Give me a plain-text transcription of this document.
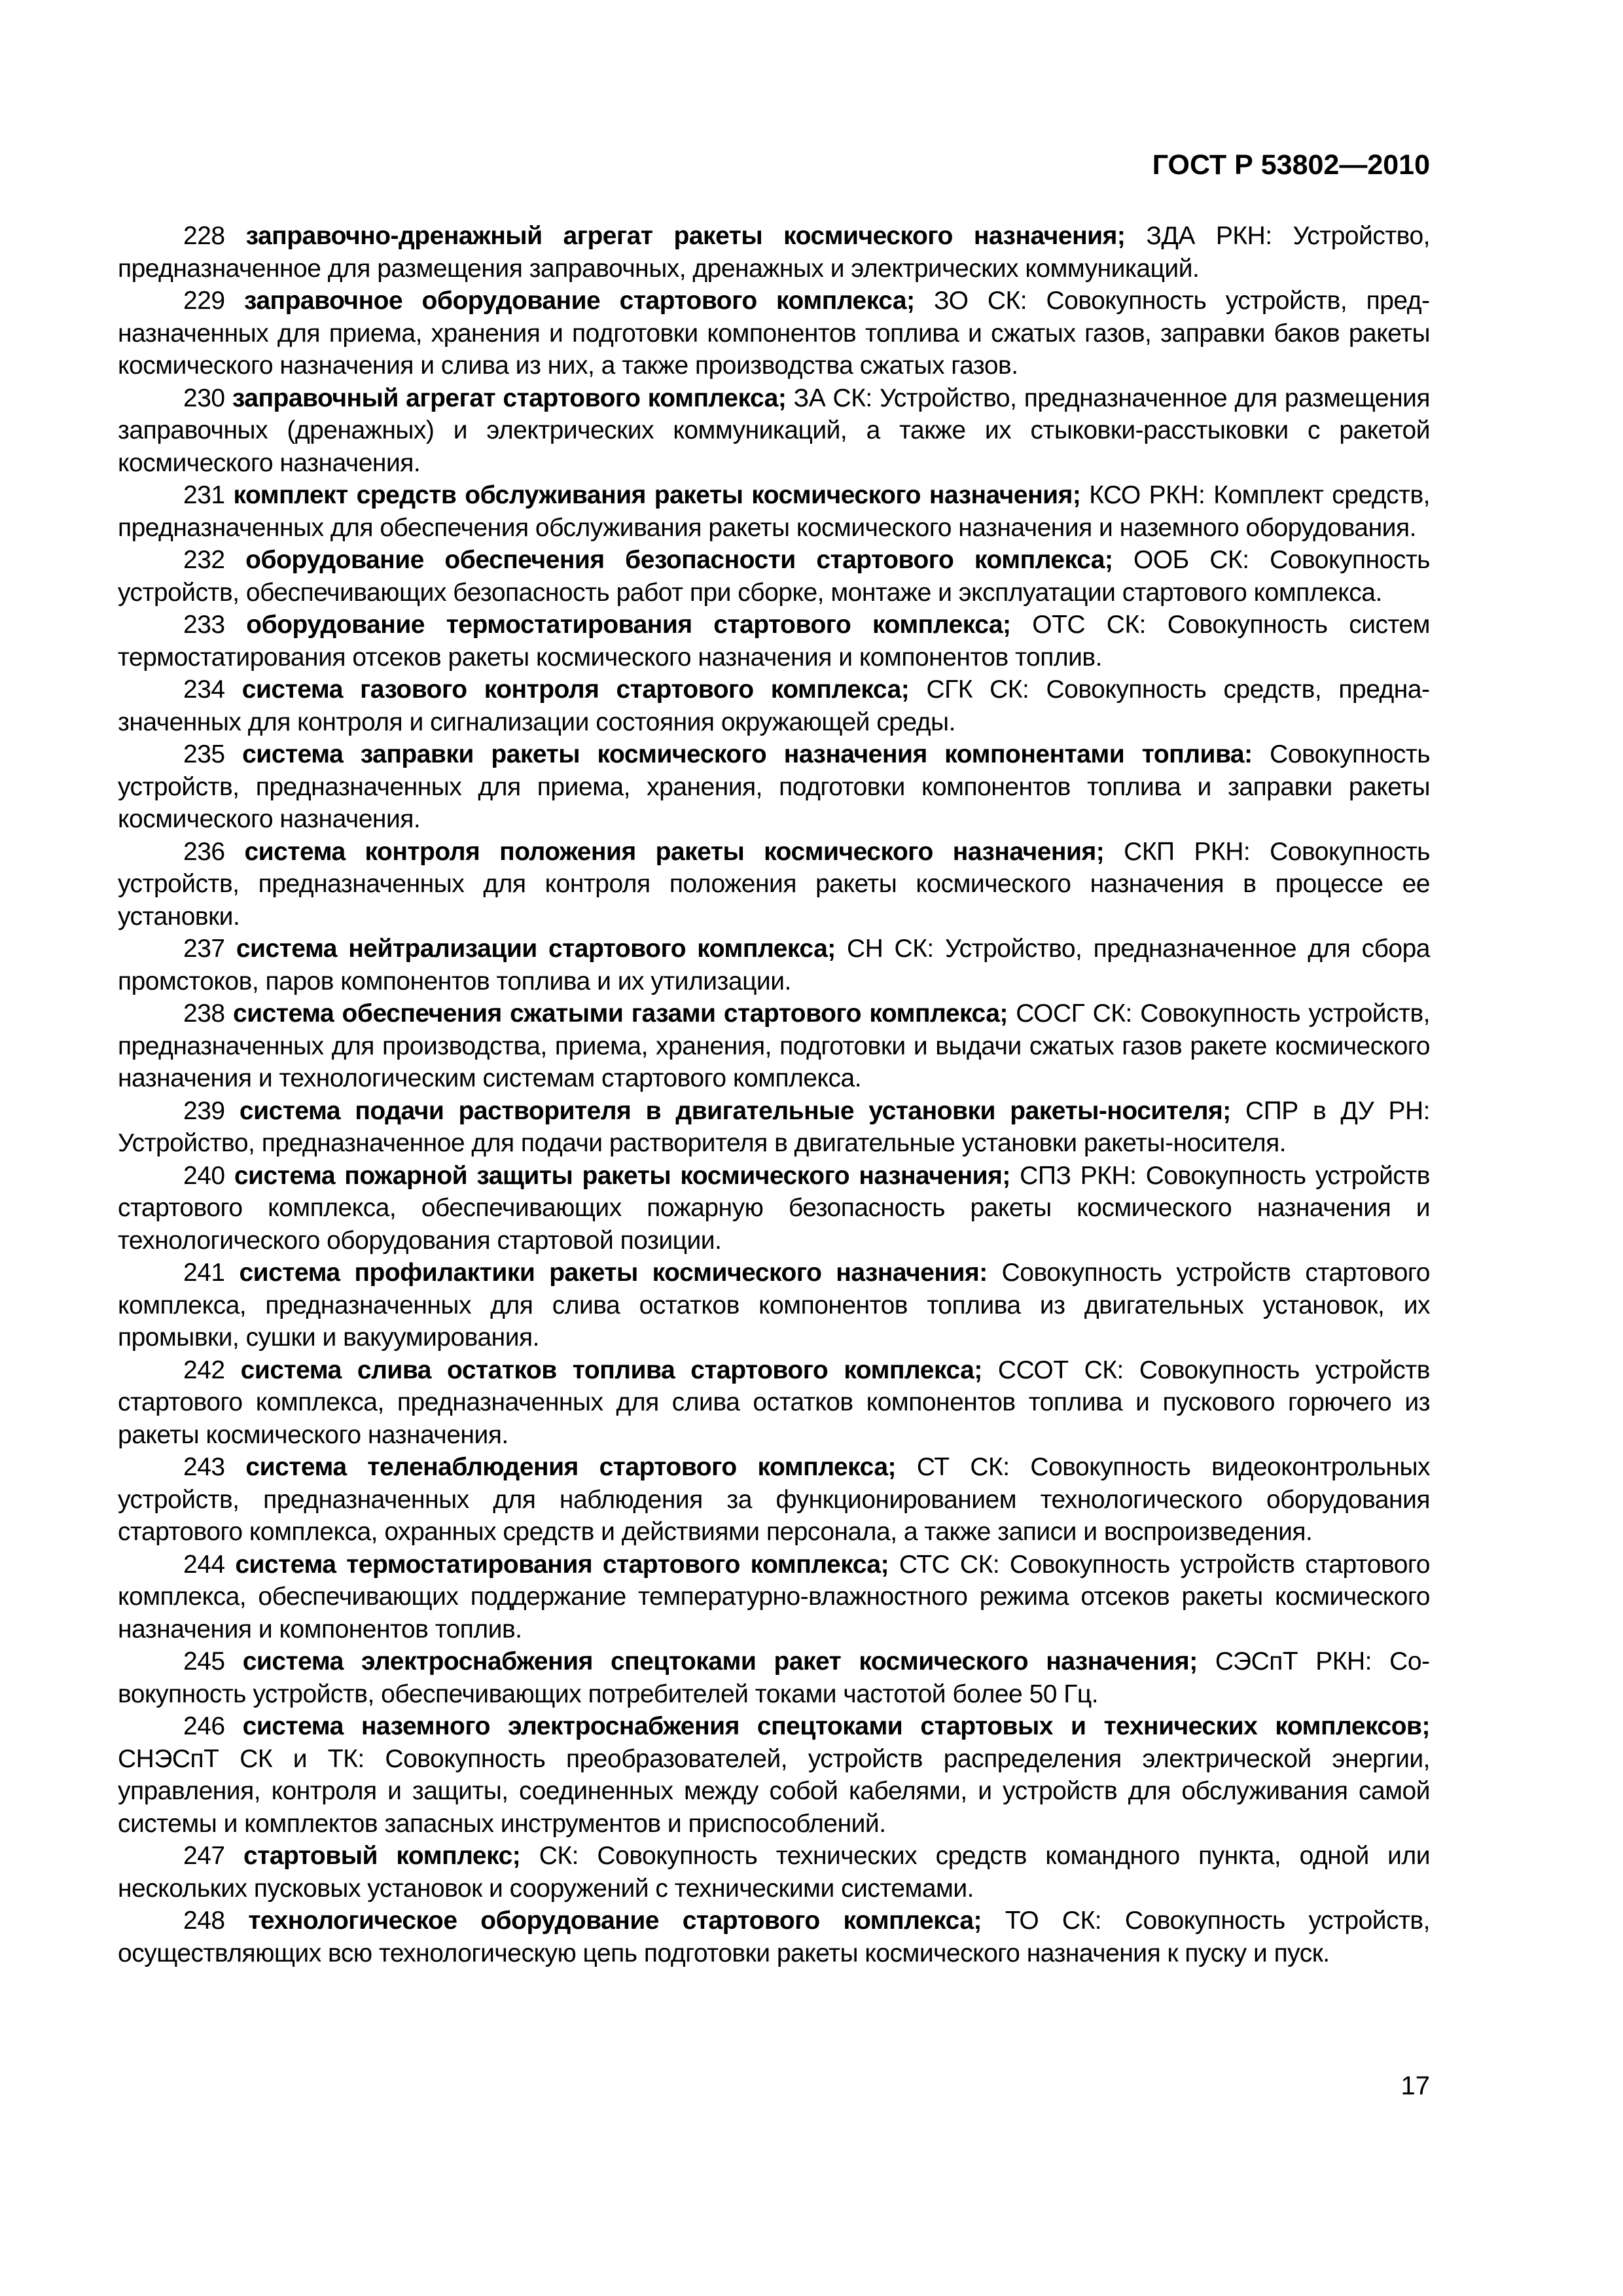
ГОСТ Р 53802—2010

228 заправочно-дренажный агрегат ракеты космического назначения; ЗДА РКН: Устройство, предназначенное для размещения заправочных, дренажных и электрических коммуникаций.

229 заправочное оборудование стартового комплекса; ЗО СК: Совокупность устройств, предназначенных для приема, хранения и подготовки компонентов топлива и сжатых газов, заправки баков ракеты космического назначения и слива из них, а также производства сжатых газов.

230 заправочный агрегат стартового комплекса; ЗА СК: Устройство, предназначенное для размещения заправочных (дренажных) и электрических коммуникаций, а также их стыковки-расстыковки с ракетой космического назначения.

231 комплект средств обслуживания ракеты космического назначения; КСО РКН: Комплект средств, предназначенных для обеспечения обслуживания ракеты космического назначения и наземного оборудования.

232 оборудование обеспечения безопасности стартового комплекса; ООБ СК: Совокупность устройств, обеспечивающих безопасность работ при сборке, монтаже и эксплуатации стартового комплекса.

233 оборудование термостатирования стартового комплекса; ОТС СК: Совокупность систем термостатирования отсеков ракеты космического назначения и компонентов топлив.

234 система газового контроля стартового комплекса; СГК СК: Совокупность средств, предназначенных для контроля и сигнализации состояния окружающей среды.

235 система заправки ракеты космического назначения компонентами топлива: Совокупность устройств, предназначенных для приема, хранения, подготовки компонентов топлива и заправки ракеты космического назначения.

236 система контроля положения ракеты космического назначения; СКП РКН: Совокупность устройств, предназначенных для контроля положения ракеты космического назначения в процессе ее установки.

237 система нейтрализации стартового комплекса; СН СК: Устройство, предназначенное для сбора промстоков, паров компонентов топлива и их утилизации.

238 система обеспечения сжатыми газами стартового комплекса; СОСГ СК: Совокупность устройств, предназначенных для производства, приема, хранения, подготовки и выдачи сжатых газов ракете космического назначения и технологическим системам стартового комплекса.

239 система подачи растворителя в двигательные установки ракеты-носителя; СПР в ДУ РН: Устройство, предназначенное для подачи растворителя в двигательные установки ракеты-носителя.

240 система пожарной защиты ракеты космического назначения; СПЗ РКН: Совокупность устройств стартового комплекса, обеспечивающих пожарную безопасность ракеты космического назначения и технологического оборудования стартовой позиции.

241 система профилактики ракеты космического назначения: Совокупность устройств стартового комплекса, предназначенных для слива остатков компонентов топлива из двигательных установок, их промывки, сушки и вакуумирования.

242 система слива остатков топлива стартового комплекса; ССОТ СК: Совокупность устройств стартового комплекса, предназначенных для слива остатков компонентов топлива и пускового горючего из ракеты космического назначения.

243 система теленаблюдения стартового комплекса; СТ СК: Совокупность видеоконтрольных устройств, предназначенных для наблюдения за функционированием технологического оборудования стартового комплекса, охранных средств и действиями персонала, а также записи и воспроизведения.

244 система термостатирования стартового комплекса; СТС СК: Совокупность устройств стартового комплекса, обеспечивающих поддержание температурно-влажностного режима отсеков ракеты космического назначения и компонентов топлив.

245 система электроснабжения спецтоками ракет космического назначения; СЭСпТ РКН: Совокупность устройств, обеспечивающих потребителей токами частотой более 50 Гц.

246 система наземного электроснабжения спецтоками стартовых и технических комплексов; СНЭСпТ СК и ТК: Совокупность преобразователей, устройств распределения электрической энергии, управления, контроля и защиты, соединенных между собой кабелями, и устройств для обслуживания самой системы и комплектов запасных инструментов и приспособлений.

247 стартовый комплекс; СК: Совокупность технических средств командного пункта, одной или нескольких пусковых установок и сооружений с техническими системами.

248 технологическое оборудование стартового комплекса; ТО СК: Совокупность устройств, осуществляющих всю технологическую цепь подготовки ракеты космического назначения к пуску и пуск.

17
